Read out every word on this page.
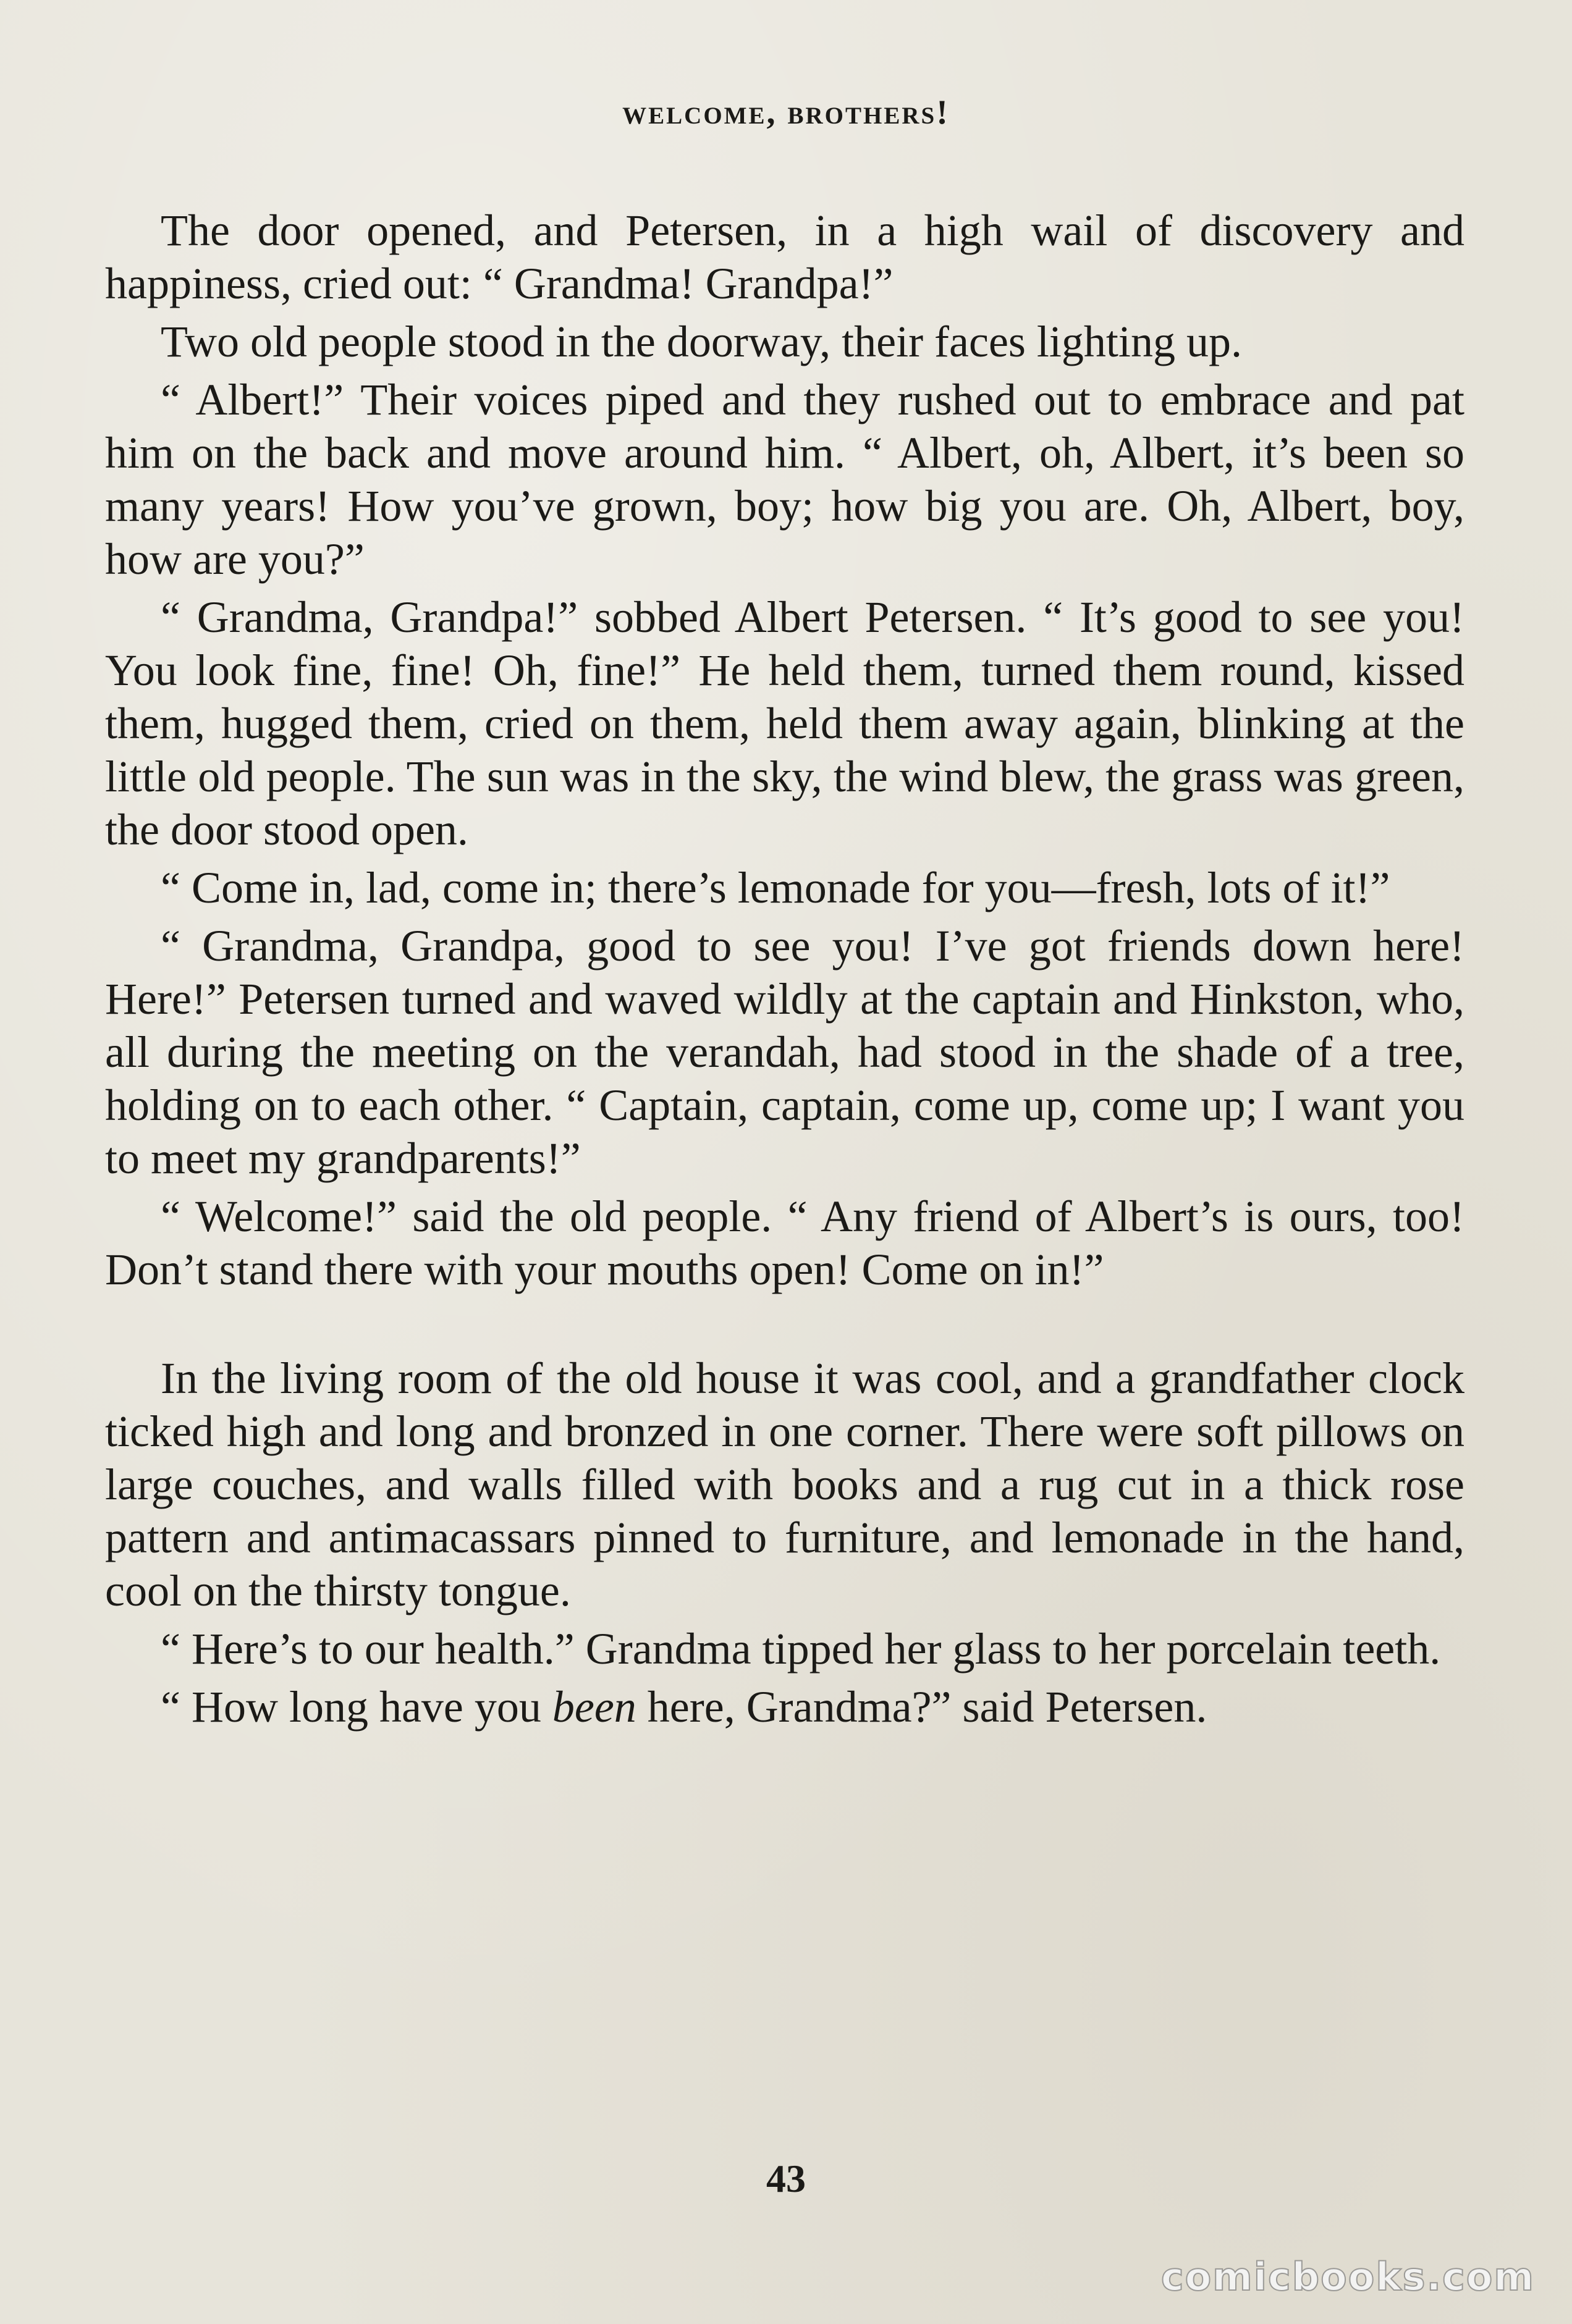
welcome, brothers!

The door opened, and Petersen, in a high wail of discovery and happiness, cried out: “ Grandma! Grandpa!”

Two old people stood in the doorway, their faces lighting up.

“ Albert!” Their voices piped and they rushed out to embrace and pat him on the back and move around him. “ Albert, oh, Albert, it’s been so many years! How you’ve grown, boy; how big you are. Oh, Albert, boy, how are you?”

“ Grandma, Grandpa!” sobbed Albert Petersen. “ It’s good to see you! You look fine, fine! Oh, fine!” He held them, turned them round, kissed them, hugged them, cried on them, held them away again, blinking at the little old people. The sun was in the sky, the wind blew, the grass was green, the door stood open.

“ Come in, lad, come in; there’s lemonade for you—fresh, lots of it!”

“ Grandma, Grandpa, good to see you! I’ve got friends down here! Here!” Petersen turned and waved wildly at the captain and Hinkston, who, all during the meeting on the verandah, had stood in the shade of a tree, holding on to each other. “ Captain, captain, come up, come up; I want you to meet my grandparents!”

“ Welcome!” said the old people. “ Any friend of Albert’s is ours, too! Don’t stand there with your mouths open! Come on in!”

In the living room of the old house it was cool, and a grandfather clock ticked high and long and bronzed in one corner. There were soft pillows on large couches, and walls filled with books and a rug cut in a thick rose pattern and antimacassars pinned to furniture, and lemonade in the hand, cool on the thirsty tongue.

“ Here’s to our health.” Grandma tipped her glass to her porcelain teeth.

“ How long have you been here, Grandma?” said Petersen.

43
comicbooks.com
